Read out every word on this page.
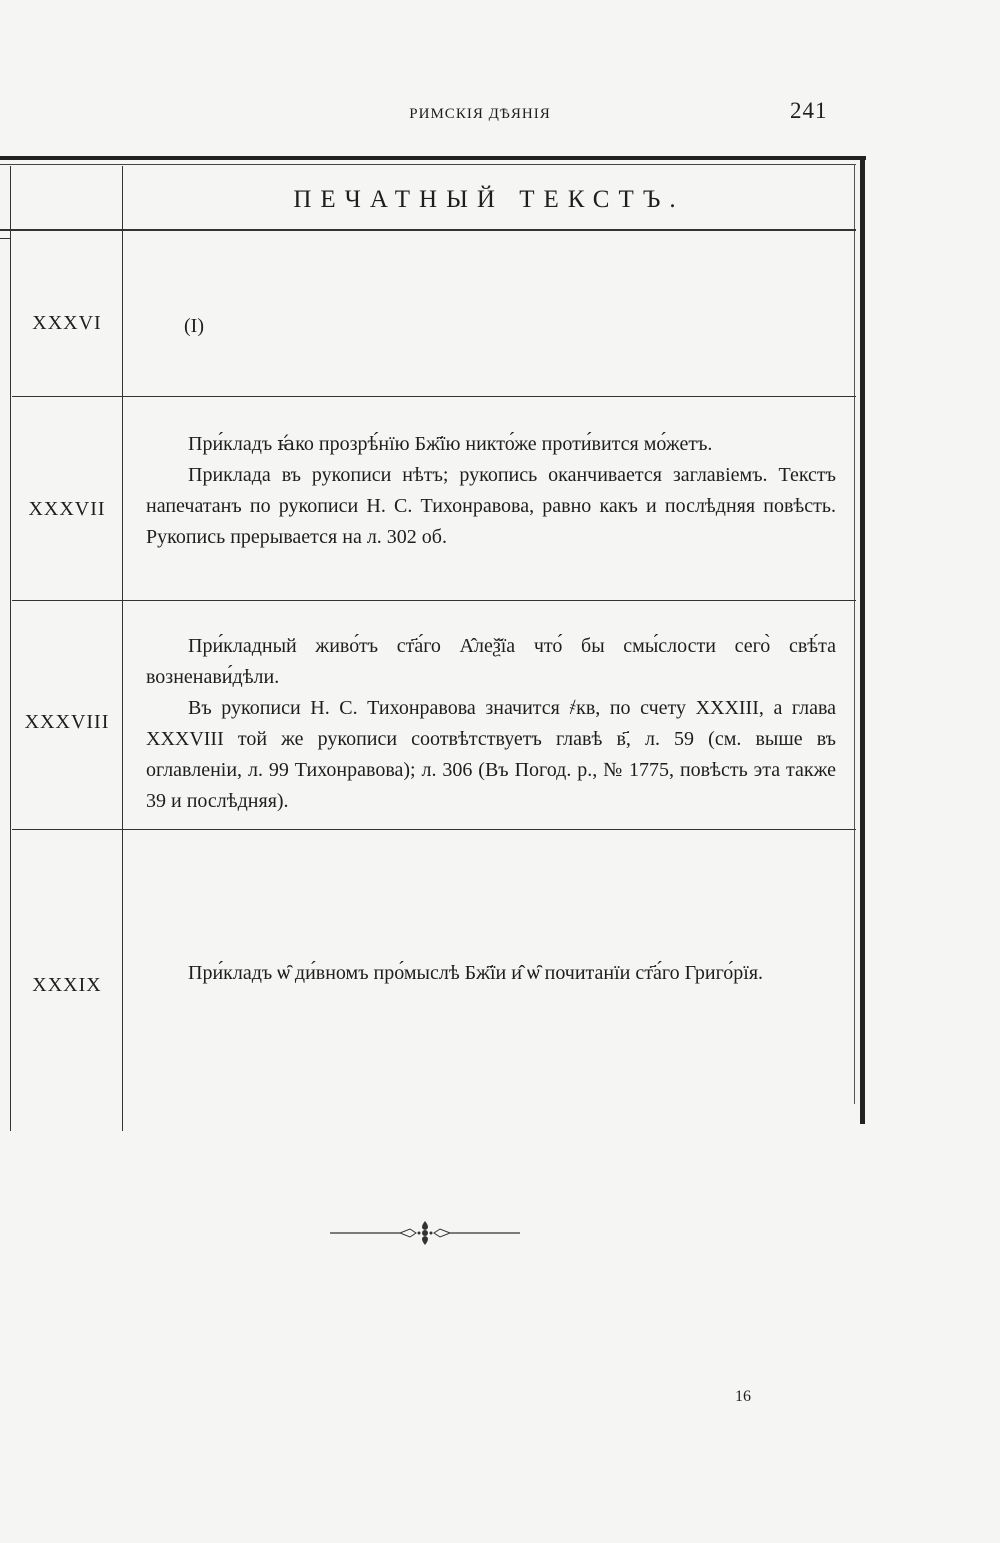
РИМСКІЯ ДѢЯНІЯ	241
ПЕЧАТНЫЙ ТЕКСТЪ.
XXXVI	(I)

XXXVII

При́кладъ ꙗ́ко прозрѣ́нїю Бж҃їю никто́же проти́вится мо́жетъ.

Приклада въ рукописи нѣтъ; рукопись оканчивается заглавіемъ. Текстъ напечатанъ по рукописи Н. С. Тихонравова, равно какъ и послѣдняя повѣсть. Рукопись прерывается на л. 302 об.

XXXVIII

При́кладный живо́тъ ст҃а́го А̂леѯ̆їа что́ бы смы́слости сего̀ свѣ́та возненави́дѣли.

Въ рукописи Н. С. Тихонравова значится ҂кв, по счету XXXIII, а глава XXXVIII той же рукописи соотвѣтствуетъ главѣ в҃, л. 59 (см. выше въ оглавленіи, л. 99 Тихонравова); л. 306 (Въ Погод. р., № 1775, повѣсть эта также 39 и послѣдняя).

XXXIX

При́кладъ ѡ̑ ди́вномъ про́мыслѣ Бж҃їи и̂ ѡ̑ почитанїи ст҃а́го Григо́рїя.

16
